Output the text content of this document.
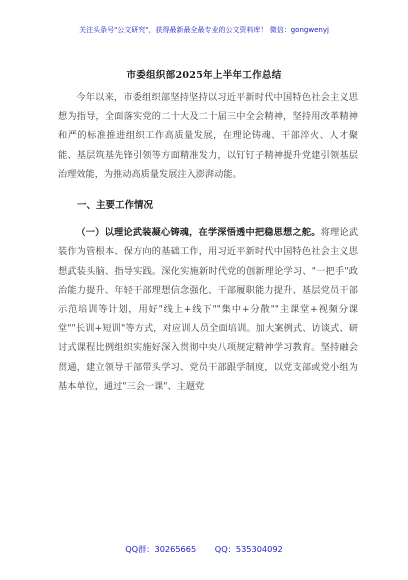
关注头条号"公文研究"，获得最新最全最专业的公文资料库！ 微信：gongwenyj
市委组织部2025年上半年工作总结

今年以来，市委组织部坚持坚持以习近平新时代中国特色社会主义思想为指导，全面落实党的二十大及二十届三中全会精神，坚持用改革精神和严的标准推进组织工作高质量发展，在理论铸魂、干部淬火、人才聚能、基层筑基先锋引领等方面精准发力，以钉钉子精神提升党建引领基层治理效能，为推动高质量发展注入澎湃动能。

一、主要工作情况

（一）以理论武装凝心铸魂，在学深悟透中把稳思想之舵。将理论武装作为管根本、保方向的基础工作，用习近平新时代中国特色社会主义思想武装头脑、指导实践。深化实施新时代党的创新理论学习、"一把手"政治能力提升、年轻干部理想信念强化、干部履职能力提升、基层党员干部示范培训等计划，用好"线上+线下""集中+分散""主课堂+视频分课堂""长训+短训"等方式，对应训人员全面培训。加大案例式、访谈式、研讨式课程比例组织实施好深入贯彻中央八项规定精神学习教育。坚持融会贯通，建立领导干部带头学习、党员干部跟学制度，以党支部或党小组为基本单位，通过"三会一课"、主题党

QQ群：30265665 QQ：535304092
